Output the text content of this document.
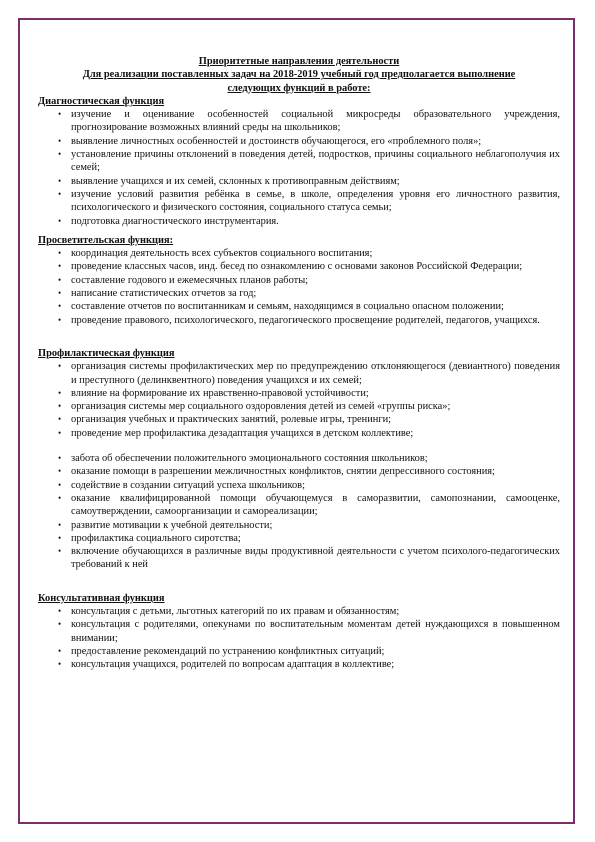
Приоритетные направления деятельности

Для реализации поставленных задач на 2018-2019 учебный год предполагается выполнение

следующих функций в работе:

Диагностическая функция

• изучение и оценивание особенностей социальной микросреды образовательного учреждения, прогнозирование возможных влияний среды на школьников;
• выявление личностных особенностей и достоинств обучающегося, его «проблемного поля»;
• установление причины отклонений в поведения детей, подростков, причины социального неблагополучия их семей;
• выявление учащихся и их семей, склонных к противоправным действиям;
• изучение условий развития ребёнка в семье, в школе, определения уровня его личностного развития, психологического и физического состояния, социального статуса семьи;
• подготовка диагностического инструментария.

Просветительская функция:

• координация деятельность всех субъектов социального воспитания;
• проведение классных часов, инд. бесед по ознакомлению с основами законов Российской Федерации;
• составление годового и ежемесячных планов работы;
• написание статистических отчетов за год;
• составление отчетов по воспитанникам и семьям, находящимся в социально опасном положении;
• проведение правового, психологического, педагогического просвещение родителей, педагогов, учащихся.

Профилактическая функция

• организация системы профилактических мер по предупреждению отклоняющегося (девиантного) поведения и преступного (делинквентного) поведения учащихся и их семей;
• влияние на формирование их нравственно-правовой устойчивости;
• организация системы мер социального оздоровления детей из семей «группы риска»;
• организация учебных и практических занятий, ролевые игры, тренинги;
• проведение мер профилактика дезадаптация учащихся в детском коллективе;
• забота об обеспечении положительного эмоционального состояния школьников;
• оказание помощи в разрешении межличностных конфликтов, снятии депрессивного состояния;
• содействие в создании ситуаций успеха школьников;
• оказание квалифицированной помощи обучающемуся в саморазвитии, самопознании, самооценке, самоутверждении, самоорганизации и самореализации;
• развитие мотивации к учебной деятельности;
• профилактика социального сиротства;
• включение обучающихся в различные виды продуктивной деятельности с учетом психолого-педагогических требований к ней

Консультативная функция

• консультация с детьми, льготных категорий по их правам и обязанностям;
• консультация с родителями, опекунами по воспитательным моментам детей нуждающихся в повышенном внимании;
• предоставление рекомендаций по устранению конфликтных ситуаций;
• консультация учащихся, родителей по вопросам адаптация в коллективе;
